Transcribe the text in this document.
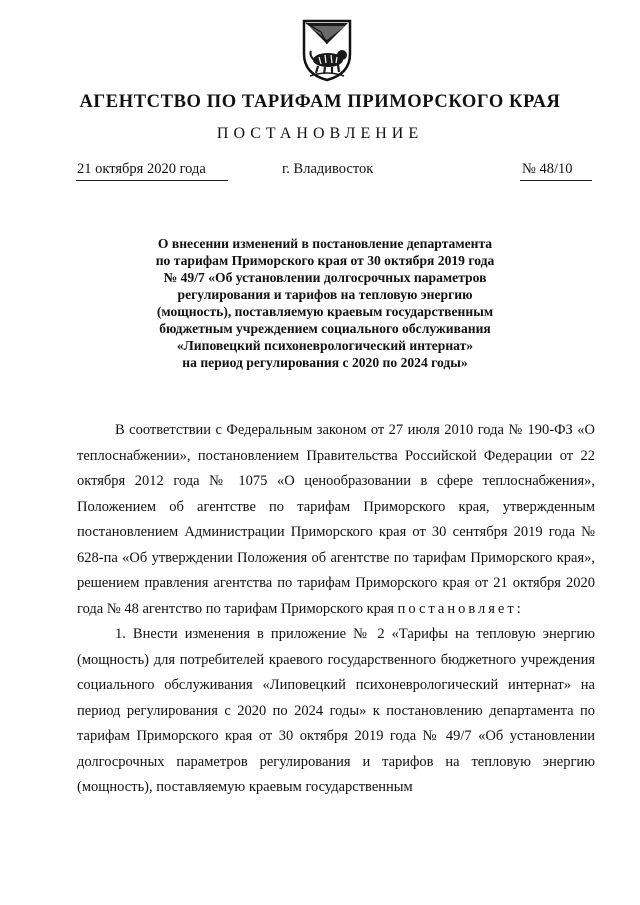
АГЕНТСТВО ПО ТАРИФАМ ПРИМОРСКОГО КРАЯ
ПОСТАНОВЛЕНИЕ
21 октября 2020 года	г. Владивосток	№ 48/10
О внесении изменений в постановление департамента
по тарифам Приморского края от 30 октября 2019 года
№ 49/7 «Об установлении долгосрочных параметров
регулирования и тарифов на тепловую энергию
(мощность), поставляемую краевым государственным
бюджетным учреждением социального обслуживания
«Липовецкий психоневрологический интернат»
на период регулирования с 2020 по 2024 годы»

В соответствии с Федеральным законом от 27 июля 2010 года № 190-ФЗ «О теплоснабжении», постановлением Правительства Российской Федерации от 22 октября 2012 года № 1075 «О ценообразовании в сфере теплоснабжения», Положением об агентстве по тарифам Приморского края, утвержденным постановлением Администрации Приморского края от 30 сентября 2019 года № 628-па «Об утверждении Положения об агентстве по тарифам Приморского края», решением правления агентства по тарифам Приморского края от 21 октября 2020 года № 48 агентство по тарифам Приморского края постановляет:

1. Внести изменения в приложение № 2 «Тарифы на тепловую энергию (мощность) для потребителей краевого государственного бюджетного учреждения социального обслуживания «Липовецкий психоневрологический интернат» на период регулирования с 2020 по 2024 годы» к постановлению департамента по тарифам Приморского края от 30 октября 2019 года № 49/7 «Об установлении долгосрочных параметров регулирования и тарифов на тепловую энергию (мощность), поставляемую краевым государственным
